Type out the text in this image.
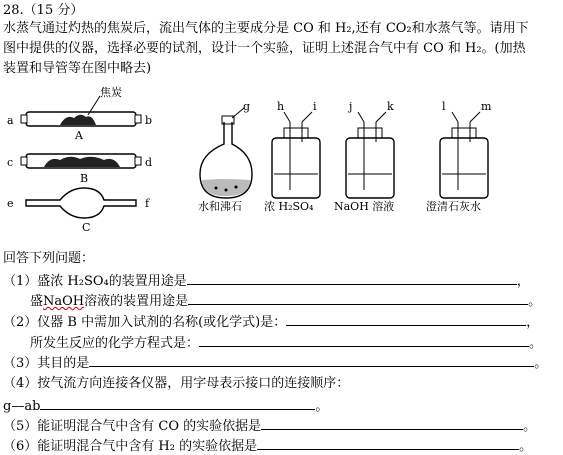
28.（15 分）
水蒸气通过灼热的焦炭后，流出气体的主要成分是 CO 和 H₂,还有 CO₂和水蒸气等。请用下
图中提供的仪器，选择必要的试剂，设计一个实验，证明上述混合气中有 CO 和 H₂。(加热
装置和导管等在图中略去)
a	b
A
焦炭
c	d
B
e	f
C
g
水和沸石
h	i
浓 H₂SO₄
j	k
NaOH 溶液
l	m
澄清石灰水
回答下列问题：
（1）盛浓 H₂SO₄的装置用途是	，
盛NaOH溶液的装置用途是	。
（2）仪器 B 中需加入试剂的名称(或化学式)是：	，
所发生反应的化学方程式是：	。
（3）其目的是	。
（4）按气流方向连接各仪器，用字母表示接口的连接顺序：
g—ab	。
（5）能证明混合气中含有 CO 的实验依据是	。
（6）能证明混合气中含有 H₂ 的实验依据是	。
